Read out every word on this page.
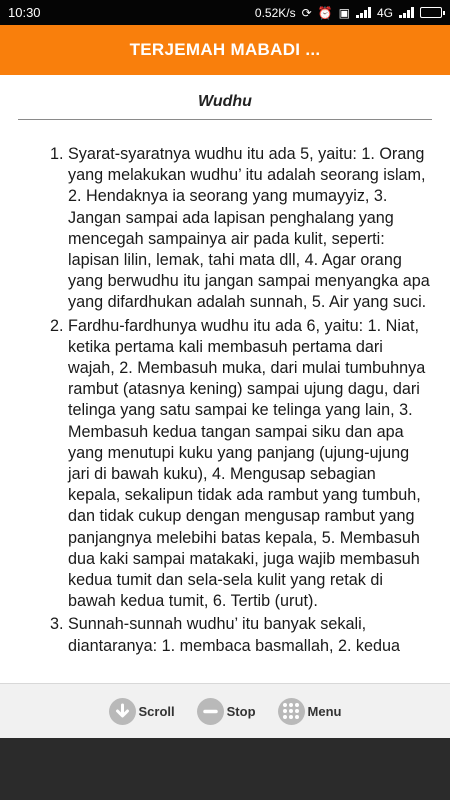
10:30	0.52K/s ⟳ ⏰ ▣ 4G
TERJEMAH MABADI ...
Wudhu
1. Syarat-syaratnya wudhu itu ada 5, yaitu: 1. Orang yang melakukan wudhu’ itu adalah seorang islam, 2. Hendaknya ia seorang yang mumayyiz, 3. Jangan sampai ada lapisan penghalang yang mencegah sampainya air pada kulit, seperti: lapisan lilin, lemak, tahi mata dll, 4. Agar orang yang berwudhu itu jangan sampai menyangka apa yang difardhukan adalah sunnah, 5. Air yang suci.
2. Fardhu-fardhunya wudhu itu ada 6, yaitu: 1. Niat, ketika pertama kali membasuh pertama dari wajah, 2. Membasuh muka, dari mulai tumbuhnya rambut (atasnya kening) sampai ujung dagu, dari telinga yang satu sampai ke telinga yang lain, 3. Membasuh kedua tangan sampai siku dan apa yang menutupi kuku yang panjang (ujung-ujung jari di bawah kuku), 4. Mengusap sebagian kepala, sekalipun tidak ada rambut yang tumbuh, dan tidak cukup dengan mengusap rambut yang panjangnya melebihi batas kepala, 5. Membasuh dua kaki sampai matakaki, juga wajib membasuh kedua tumit dan sela-sela kulit yang retak di bawah kedua tumit, 6. Tertib (urut).
3. Sunnah-sunnah wudhu’ itu banyak sekali, diantaranya: 1. membaca basmallah, 2. kedua
Scroll	Stop	Menu
